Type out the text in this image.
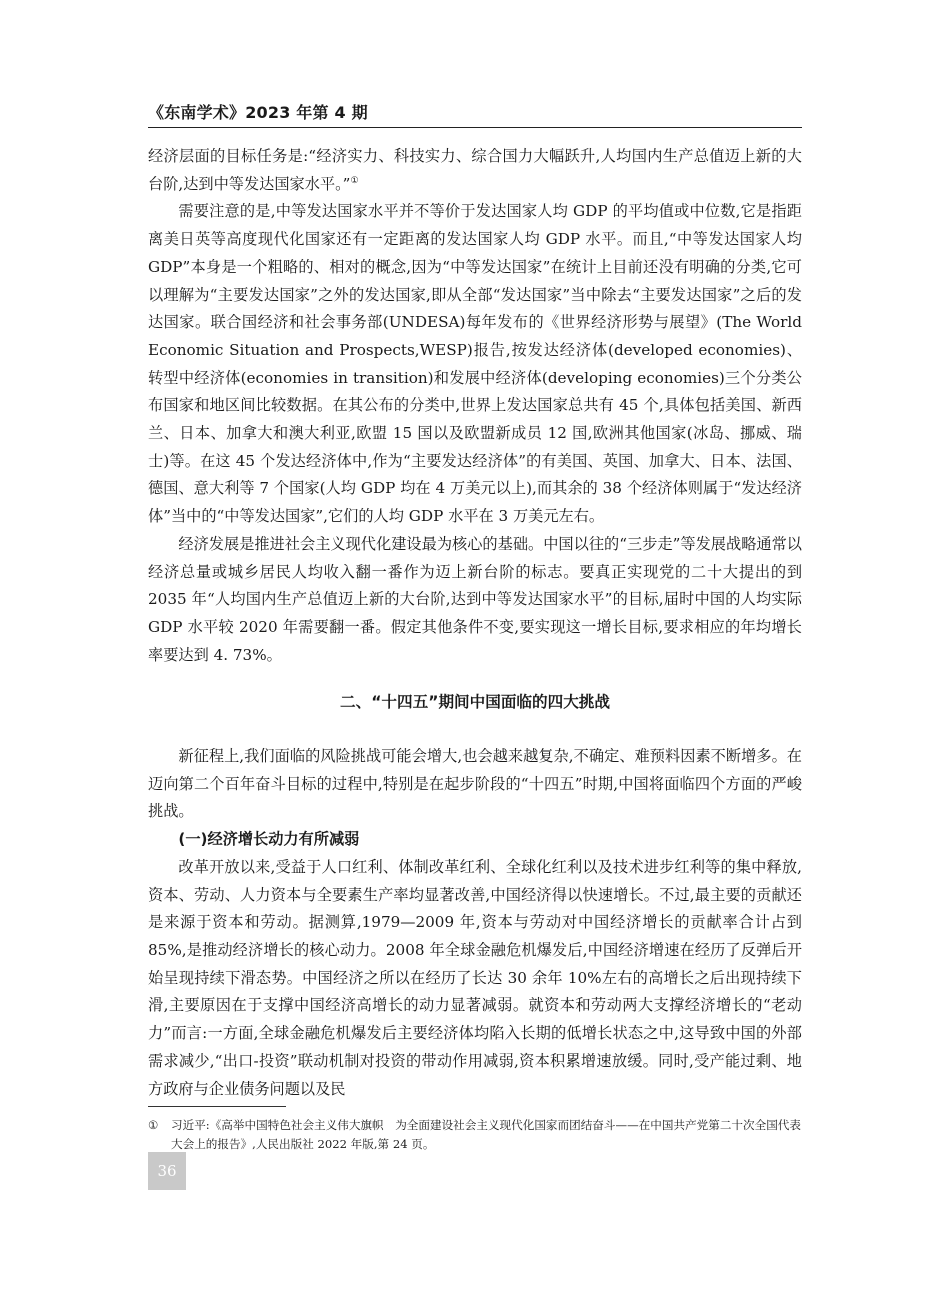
《东南学术》2023 年第 4 期

经济层面的目标任务是:“经济实力、科技实力、综合国力大幅跃升,人均国内生产总值迈上新的大台阶,达到中等发达国家水平。”①

需要注意的是,中等发达国家水平并不等价于发达国家人均 GDP 的平均值或中位数,它是指距离美日英等高度现代化国家还有一定距离的发达国家人均 GDP 水平。而且,“中等发达国家人均 GDP”本身是一个粗略的、相对的概念,因为“中等发达国家”在统计上目前还没有明确的分类,它可以理解为“主要发达国家”之外的发达国家,即从全部“发达国家”当中除去“主要发达国家”之后的发达国家。联合国经济和社会事务部(UNDESA)每年发布的《世界经济形势与展望》(The World Economic Situation and Prospects,WESP)报告,按发达经济体(developed economies)、转型中经济体(economies in transition)和发展中经济体(developing economies)三个分类公布国家和地区间比较数据。在其公布的分类中,世界上发达国家总共有 45 个,具体包括美国、新西兰、日本、加拿大和澳大利亚,欧盟 15 国以及欧盟新成员 12 国,欧洲其他国家(冰岛、挪威、瑞士)等。在这 45 个发达经济体中,作为“主要发达经济体”的有美国、英国、加拿大、日本、法国、德国、意大利等 7 个国家(人均 GDP 均在 4 万美元以上),而其余的 38 个经济体则属于“发达经济体”当中的“中等发达国家”,它们的人均 GDP 水平在 3 万美元左右。

经济发展是推进社会主义现代化建设最为核心的基础。中国以往的“三步走”等发展战略通常以经济总量或城乡居民人均收入翻一番作为迈上新台阶的标志。要真正实现党的二十大提出的到 2035 年“人均国内生产总值迈上新的大台阶,达到中等发达国家水平”的目标,届时中国的人均实际 GDP 水平较 2020 年需要翻一番。假定其他条件不变,要实现这一增长目标,要求相应的年均增长率要达到 4. 73%。

二、“十四五”期间中国面临的四大挑战

新征程上,我们面临的风险挑战可能会增大,也会越来越复杂,不确定、难预料因素不断增多。在迈向第二个百年奋斗目标的过程中,特别是在起步阶段的“十四五”时期,中国将面临四个方面的严峻挑战。

(一)经济增长动力有所减弱

改革开放以来,受益于人口红利、体制改革红利、全球化红利以及技术进步红利等的集中释放,资本、劳动、人力资本与全要素生产率均显著改善,中国经济得以快速增长。不过,最主要的贡献还是来源于资本和劳动。据测算,1979—2009 年,资本与劳动对中国经济增长的贡献率合计占到 85%,是推动经济增长的核心动力。2008 年全球金融危机爆发后,中国经济增速在经历了反弹后开始呈现持续下滑态势。中国经济之所以在经历了长达 30 余年 10%左右的高增长之后出现持续下滑,主要原因在于支撑中国经济高增长的动力显著减弱。就资本和劳动两大支撑经济增长的“老动力”而言:一方面,全球金融危机爆发后主要经济体均陷入长期的低增长状态之中,这导致中国的外部需求减少,“出口-投资”联动机制对投资的带动作用减弱,资本积累增速放缓。同时,受产能过剩、地方政府与企业债务问题以及民

①	习近平:《高举中国特色社会主义伟大旗帜　为全面建设社会主义现代化国家而团结奋斗——在中国共产党第二十次全国代表大会上的报告》,人民出版社 2022 年版,第 24 页。
36
